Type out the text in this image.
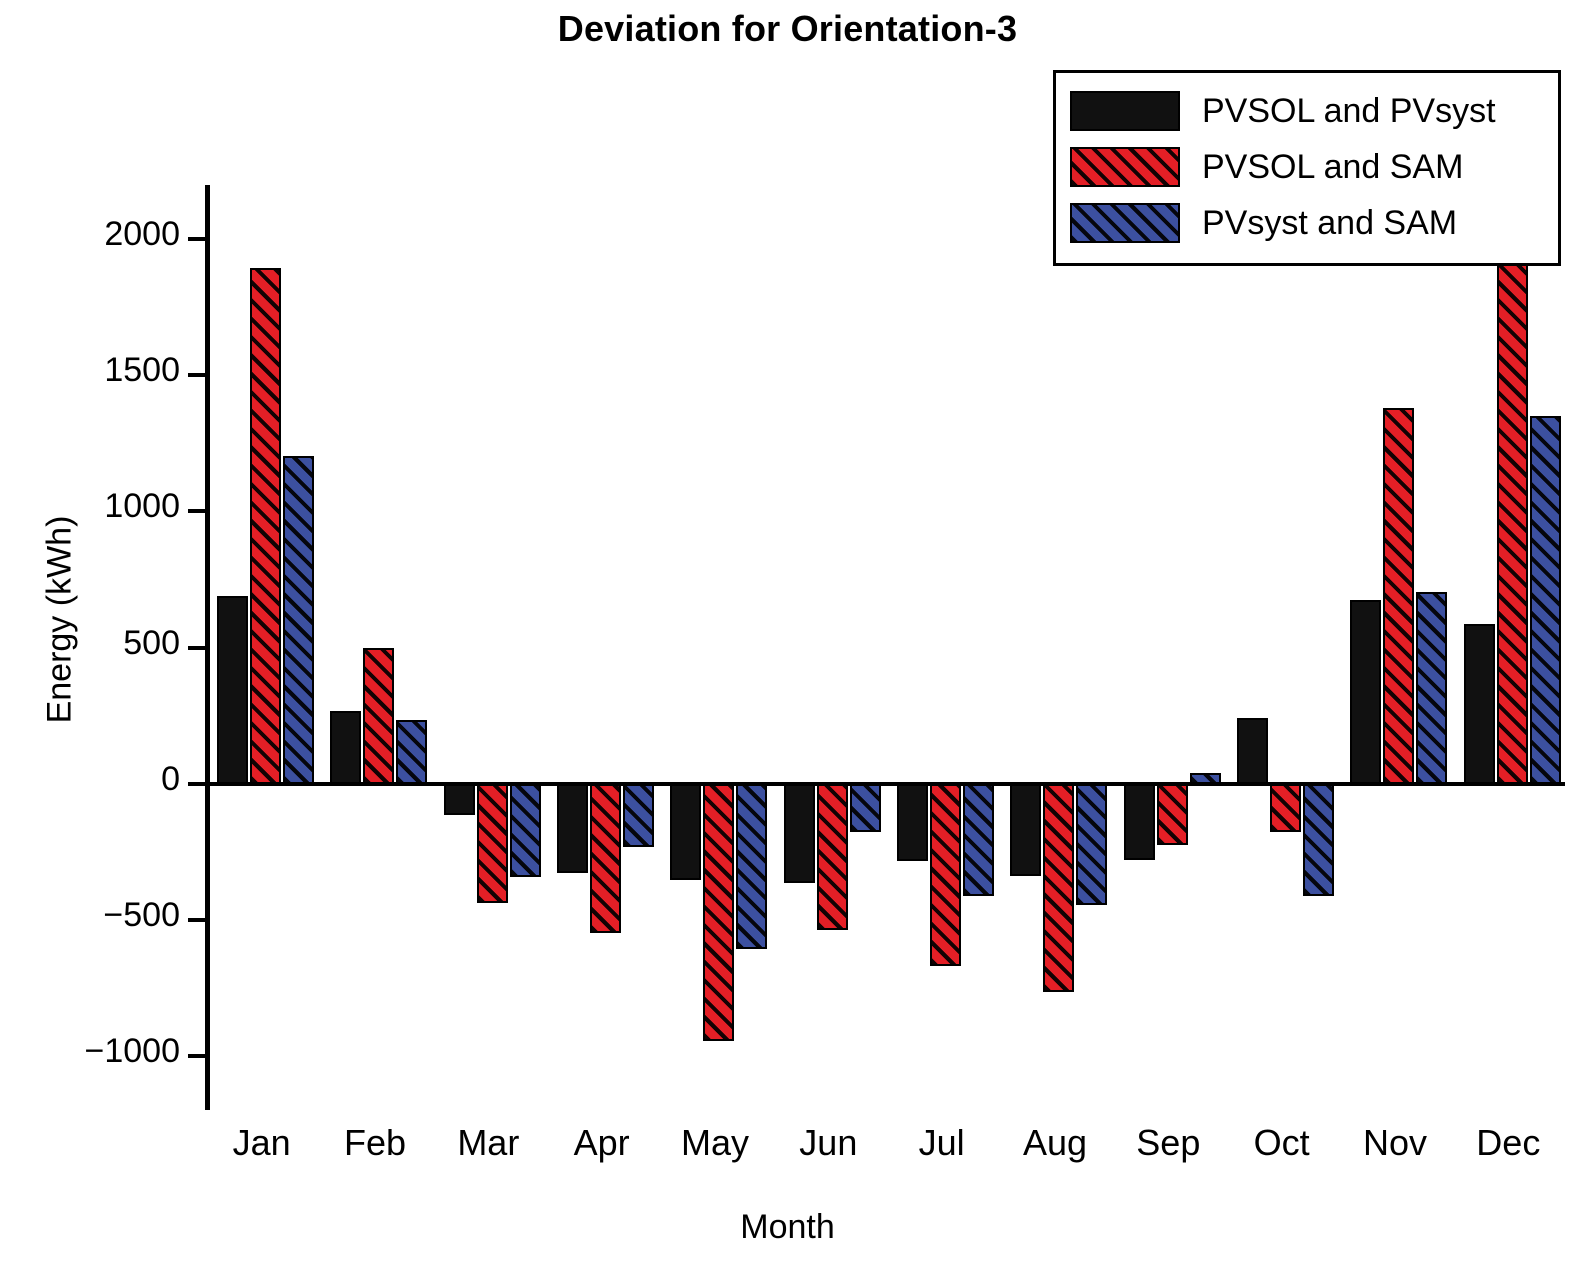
Deviation for Orientation-3
Energy (kWh)
Month
−1000
−500
0
500
1000
1500
2000
Jan	Feb	Mar	Apr	May	Jun	Jul	Aug	Sep	Oct	Nov	Dec
PVSOL and PVsyst
PVSOL and SAM
PVsyst and SAM
